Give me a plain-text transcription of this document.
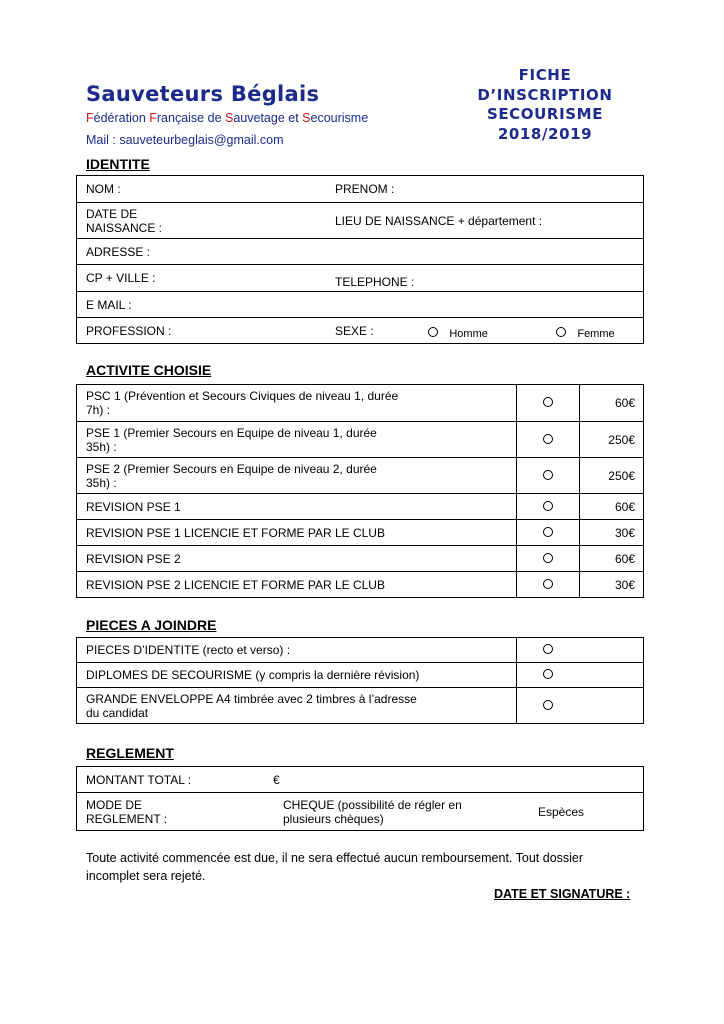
Sauveteurs Béglais
Fédération Française de Sauvetage et Secourisme
Mail : sauveteurbeglais@gmail.com
FICHE
D’INSCRIPTION
SECOURISME
2018/2019
IDENTITE
NOM :	PRENOM :

DATE DE
NAISSANCE :	LIEU DE NAISSANCE + département :
ADRESSE :	
CP + VILLE :	TELEPHONE :
E MAIL :	
PROFESSION :	SEXE : Homme Femme
ACTIVITE CHOISIE
PSC 1 (Prévention et Secours Civiques de niveau 1, durée
7h) :		60€

PSE 1 (Premier Secours en Equipe de niveau 1, durée
35h) :		250€

PSE 2 (Premier Secours en Equipe de niveau 2, durée
35h) :		250€
REVISION PSE 1		60€
REVISION PSE 1 LICENCIE ET FORME PAR LE CLUB		30€
REVISION PSE 2		60€
REVISION PSE 2 LICENCIE ET FORME PAR LE CLUB		30€
PIECES A JOINDRE
PIECES D’IDENTITE (recto et verso) :		
DIPLOMES DE SECOURISME (y compris la dernière révision)		

GRANDE ENVELOPPE A4 timbrée avec 2 timbres à l’adresse
du candidat		

REGLEMENT
MONTANT TOTAL :	€

MODE DE
REGLEMENT :

CHEQUE (possibilité de régler en
plusieurs chèques)	Espèces
Toute activité commencée est due, il ne sera effectué aucun remboursement. Tout dossier
incomplet sera rejeté.
DATE ET SIGNATURE :
